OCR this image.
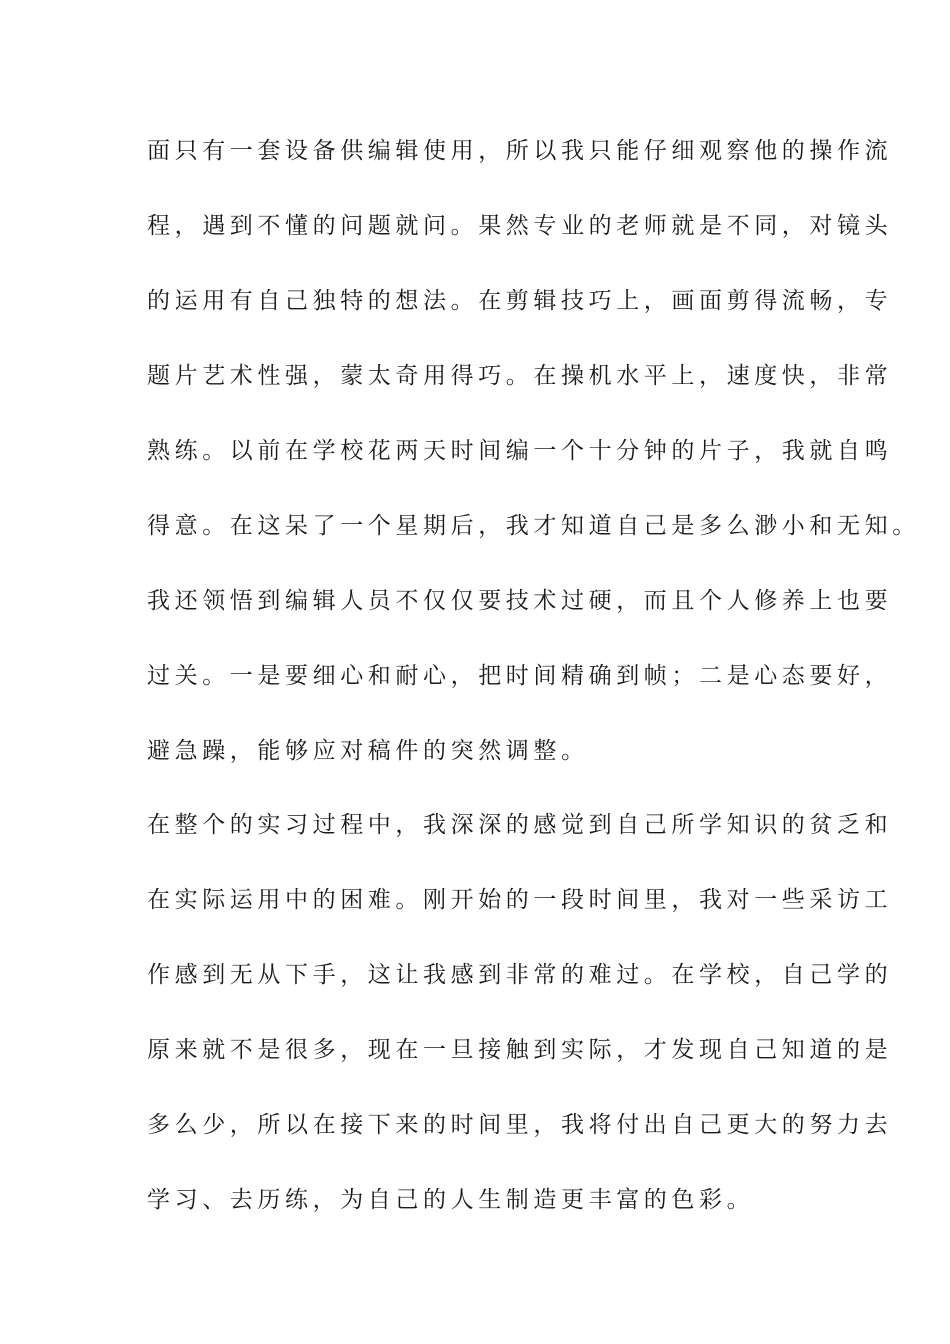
面只有一套设备供编辑使用，所以我只能仔细观察他的操作流
程，遇到不懂的问题就问。果然专业的老师就是不同，对镜头
的运用有自己独特的想法。在剪辑技巧上，画面剪得流畅，专
题片艺术性强，蒙太奇用得巧。在操机水平上，速度快，非常
熟练。以前在学校花两天时间编一个十分钟的片子，我就自鸣
得意。在这呆了一个星期后，我才知道自己是多么渺小和无知。
我还领悟到编辑人员不仅仅要技术过硬，而且个人修养上也要
过关。一是要细心和耐心，把时间精确到帧；二是心态要好，
避急躁，能够应对稿件的突然调整。
在整个的实习过程中，我深深的感觉到自己所学知识的贫乏和
在实际运用中的困难。刚开始的一段时间里，我对一些采访工
作感到无从下手，这让我感到非常的难过。在学校，自己学的
原来就不是很多，现在一旦接触到实际，才发现自己知道的是
多么少，所以在接下来的时间里，我将付出自己更大的努力去
学习、去历练，为自己的人生制造更丰富的色彩。
